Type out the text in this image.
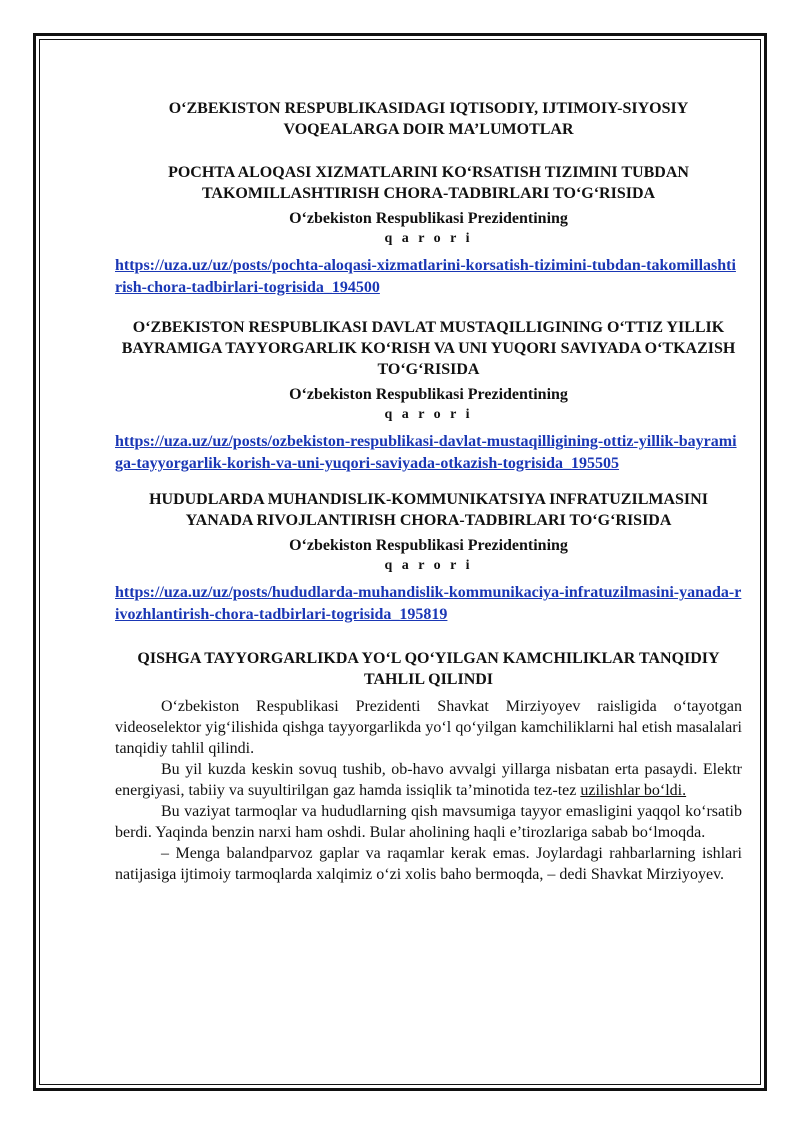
O‘ZBEKISTON RESPUBLIKASIDAGI IQTISODIY, IJTIMOIY-SIYOSIY VOQEALARGA DOIR MA’LUMOTLAR

POCHTA ALOQASI XIZMATLARINI KO‘RSATISH TIZIMINI TUBDAN TAKOMILLASHTIRISH CHORA-TADBIRLARI TO‘G‘RISIDA

O‘zbekiston Respublikasi Prezidentining

q a r o r i

https://uza.uz/uz/posts/pochta-aloqasi-xizmatlarini-korsatish-tizimini-tubdan-takomillashtirish-chora-tadbirlari-togrisida_194500

O‘ZBEKISTON RESPUBLIKASI DAVLAT MUSTAQILLIGINING O‘TTIZ YILLIK BAYRAMIGA TAYYORGARLIK KO‘RISH VA UNI YUQORI SAVIYADA O‘TKAZISH TO‘G‘RISIDA

O‘zbekiston Respublikasi Prezidentining

q a r o r i

https://uza.uz/uz/posts/ozbekiston-respublikasi-davlat-mustaqilligining-ottiz-yillik-bayramiga-tayyorgarlik-korish-va-uni-yuqori-saviyada-otkazish-togrisida_195505

HUDUDLARDA MUHANDISLIK-KOMMUNIKATSIYA INFRATUZILMASINI YANADA RIVOJLANTIRISH CHORA-TADBIRLARI TO‘G‘RISIDA

O‘zbekiston Respublikasi Prezidentining

q a r o r i

https://uza.uz/uz/posts/hududlarda-muhandislik-kommunikaciya-infratuzilmasini-yanada-rivozhlantirish-chora-tadbirlari-togrisida_195819

QISHGA TAYYORGARLIKDA YO‘L QO‘YILGAN KAMCHILIKLAR TANQIDIY TAHLIL QILINDI

O‘zbekiston Respublikasi Prezidenti Shavkat Mirziyoyev raisligida o‘tayotgan videoselektor yig‘ilishida qishga tayyorgarlikda yo‘l qo‘yilgan kamchiliklarni hal etish masalalari tanqidiy tahlil qilindi.

Bu yil kuzda keskin sovuq tushib, ob-havo avvalgi yillarga nisbatan erta pasaydi. Elektr energiyasi, tabiiy va suyultirilgan gaz hamda issiqlik ta’minotida tez-tez uzilishlar bo‘ldi.

Bu vaziyat tarmoqlar va hududlarning qish mavsumiga tayyor emasligini yaqqol ko‘rsatib berdi. Yaqinda benzin narxi ham oshdi. Bular aholining haqli e’tirozlariga sabab bo‘lmoqda.

– Menga balandparvoz gaplar va raqamlar kerak emas. Joylardagi rahbarlarning ishlari natijasiga ijtimoiy tarmoqlarda xalqimiz o‘zi xolis baho bermoqda, – dedi Shavkat Mirziyoyev.
